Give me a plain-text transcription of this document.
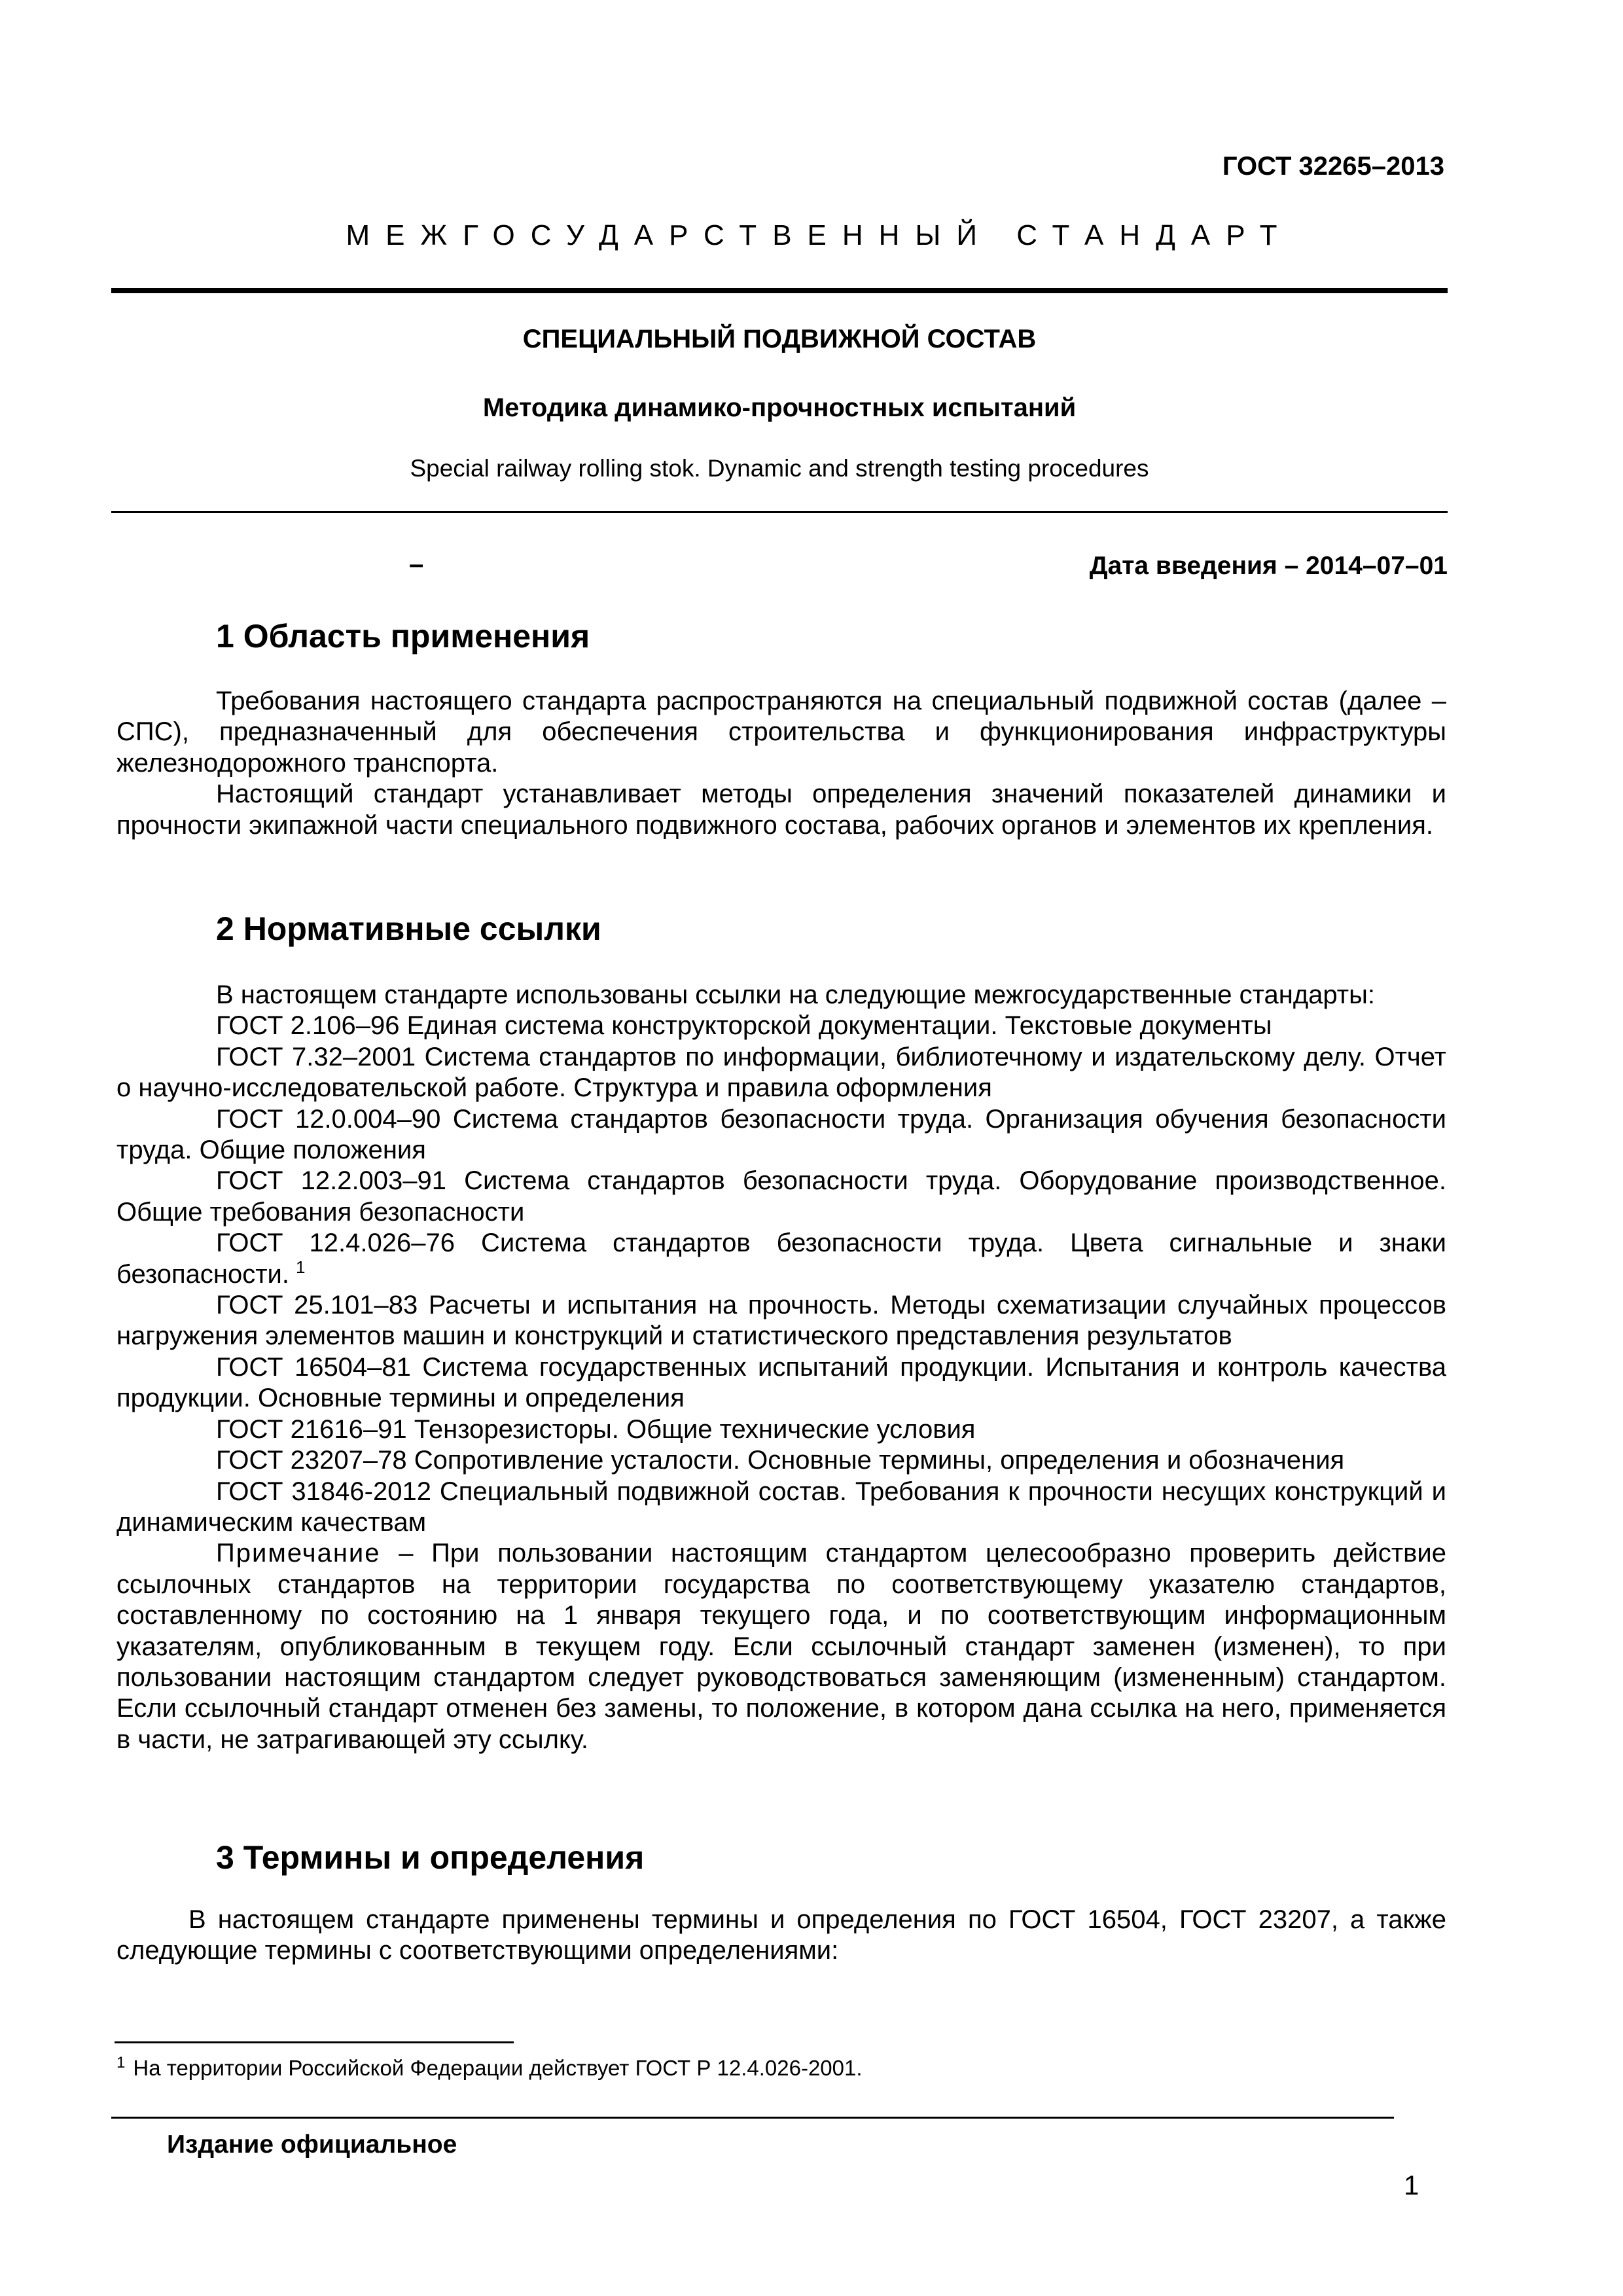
ГОСТ 32265–2013
МЕЖГОСУДАРСТВЕННЫЙ СТАНДАРТ
СПЕЦИАЛЬНЫЙ ПОДВИЖНОЙ СОСТАВ
Методика динамико-прочностных испытаний
Special railway rolling stok. Dynamic and strength testing procedures
–	Дата введения – 2014–07–01
1 Область применения

Требования настоящего стандарта распространяются на специальный подвижной состав (далее – СПС), предназначенный для обеспечения строительства и функционирования инфраструктуры железнодорожного транспорта.

Настоящий стандарт устанавливает методы определения значений показателей динамики и прочности экипажной части специального подвижного состава, рабочих органов и элементов их крепления.

2 Нормативные ссылки

В настоящем стандарте использованы ссылки на следующие межгосударственные стандарты:

ГОСТ 2.106–96 Единая система конструкторской документации. Текстовые документы

ГОСТ 7.32–2001 Система стандартов по информации, библиотечному и издательскому делу. Отчет о научно-исследовательской работе. Структура и правила оформления

ГОСТ 12.0.004–90 Система стандартов безопасности труда. Организация обучения безопасности труда. Общие положения

ГОСТ 12.2.003–91 Система стандартов безопасности труда. Оборудование производственное. Общие требования безопасности

ГОСТ 12.4.026–76 Система стандартов безопасности труда. Цвета сигнальные и знаки безопасности. $^1$

ГОСТ 25.101–83 Расчеты и испытания на прочность. Методы схематизации случайных процессов нагружения элементов машин и конструкций и статистического представления результатов

ГОСТ 16504–81 Система государственных испытаний продукции. Испытания и контроль качества продукции. Основные термины и определения

ГОСТ 21616–91 Тензорезисторы. Общие технические условия

ГОСТ 23207–78 Сопротивление усталости. Основные термины, определения и обозначения

ГОСТ 31846-2012 Специальный подвижной состав. Требования к прочности несущих конструкций и динамическим качествам

Примечание – При пользовании настоящим стандартом целесообразно проверить действие ссылочных стандартов на территории государства по соответствующему указателю стандартов, составленному по состоянию на 1 января текущего года, и по соответствующим информационным указателям, опубликованным в текущем году. Если ссылочный стандарт заменен (изменен), то при пользовании настоящим стандартом следует руководствоваться заменяющим (измененным) стандартом. Если ссылочный стандарт отменен без замены, то положение, в котором дана ссылка на него, применяется в части, не затрагивающей эту ссылку.

3 Термины и определения

В настоящем стандарте применены термины и определения по ГОСТ 16504, ГОСТ 23207, а также следующие термины с соответствующими определениями:

$^1$ На территории Российской Федерации действует ГОСТ Р 12.4.026-2001.
Издание официальное
1
